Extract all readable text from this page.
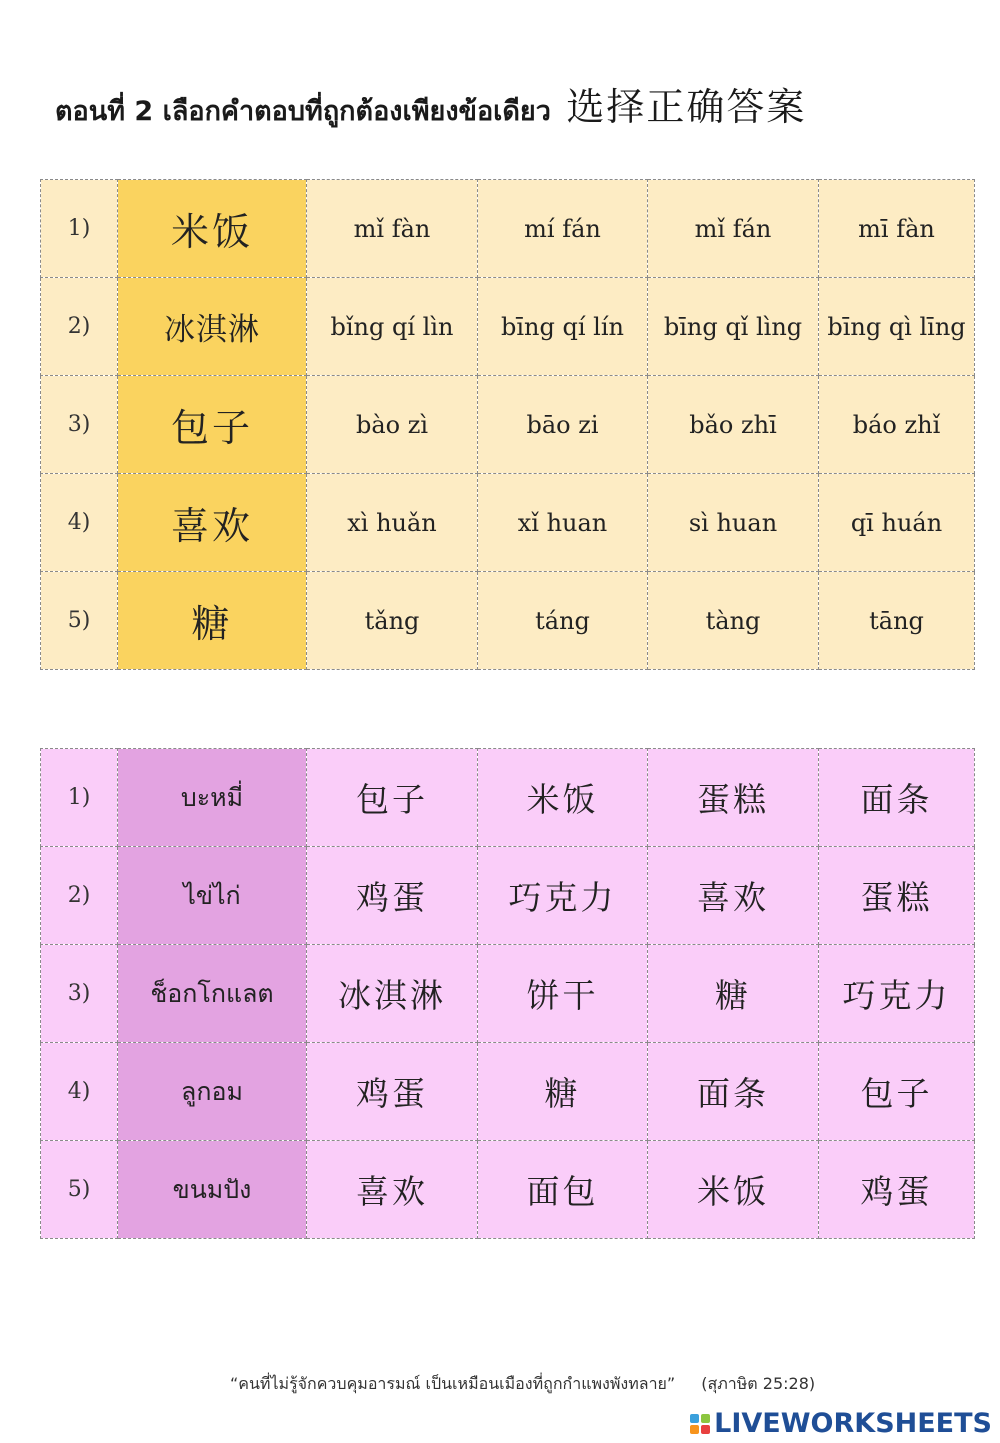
ตอนที่ 2 เลือกคำตอบที่ถูกต้องเพียงข้อเดียว 选择正确答案
1)	米饭	mǐ fàn	mí fán	mǐ fán	mī fàn
2)	冰淇淋	bǐng qí lìn	bīng qí lín	bīng qǐ lìng	bīng qì līng
3)	包子	bào zì	bāo zi	bǎo zhī	báo zhǐ
4)	喜欢	xì huǎn	xǐ huan	sì huan	qī huán
5)	糖	tǎng	táng	tàng	tāng
1)	บะหมี่	包子	米饭	蛋糕	面条
2)	ไข่ไก่	鸡蛋	巧克力	喜欢	蛋糕
3)	ช็อกโกแลต	冰淇淋	饼干	糖	巧克力
4)	ลูกอม	鸡蛋	糖	面条	包子
5)	ขนมปัง	喜欢	面包	米饭	鸡蛋

“คนที่ไม่รู้จักควบคุมอารมณ์ เป็นเหมือนเมืองที่ถูกกำแพงพังทลาย” (สุภาษิต 25:28)

LIVEWORKSHEETS
